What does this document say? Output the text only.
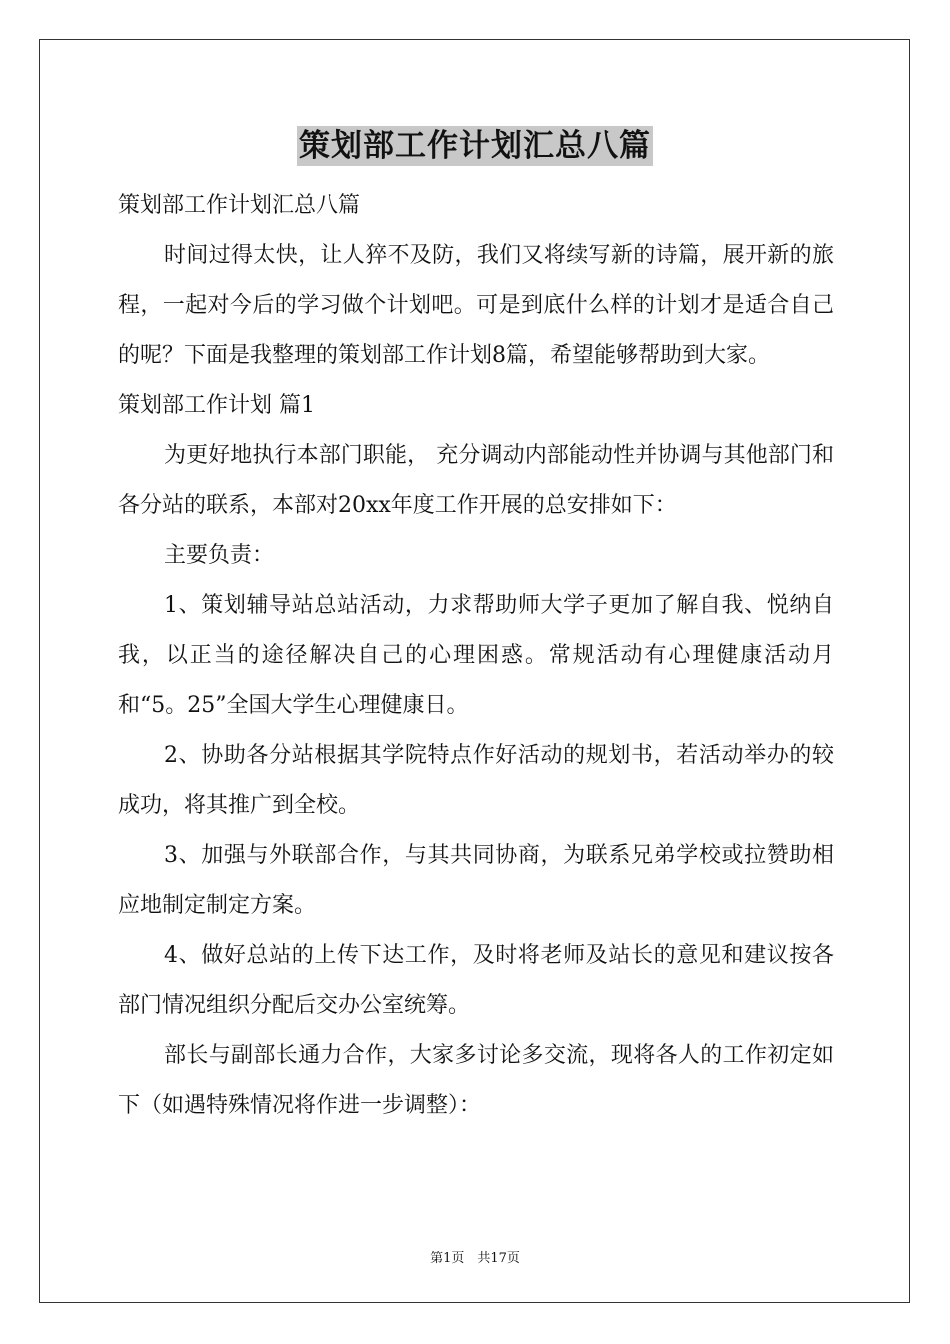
策划部工作计划汇总八篇

策划部工作计划汇总八篇

时间过得太快，让人猝不及防，我们又将续写新的诗篇，展开新的旅程，一起对今后的学习做个计划吧。可是到底什么样的计划才是适合自己的呢？下面是我整理的策划部工作计划8篇，希望能够帮助到大家。

策划部工作计划 篇1

为更好地执行本部门职能， 充分调动内部能动性并协调与其他部门和各分站的联系，本部对20xx年度工作开展的总安排如下：

主要负责：

1、策划辅导站总站活动，力求帮助师大学子更加了解自我、悦纳自我，以正当的途径解决自己的心理困惑。常规活动有心理健康活动月和“5。25”全国大学生心理健康日。

2、协助各分站根据其学院特点作好活动的规划书，若活动举办的较成功，将其推广到全校。

3、加强与外联部合作，与其共同协商，为联系兄弟学校或拉赞助相应地制定制定方案。

4、做好总站的上传下达工作，及时将老师及站长的意见和建议按各部门情况组织分配后交办公室统筹。

部长与副部长通力合作，大家多讨论多交流，现将各人的工作初定如下（如遇特殊情况将作进一步调整）：

第1页　共17页
